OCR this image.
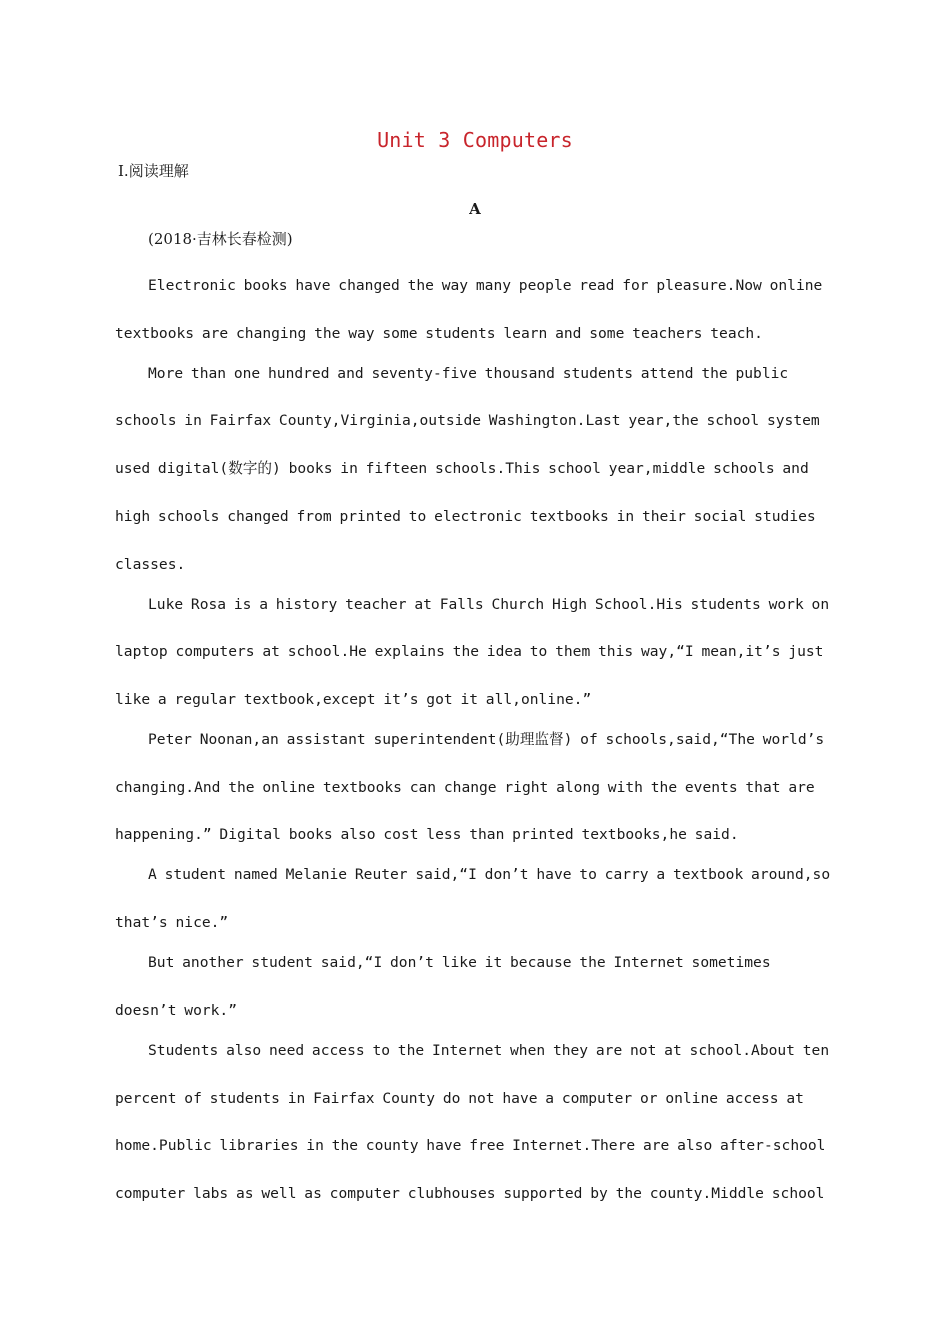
Unit 3 Computers
Ⅰ.阅读理解
A
(2018·吉林长春检测)

Electronic books have changed the way many people read for pleasure.Now online textbooks are changing the way some students learn and some teachers teach.

More than one hundred and seventy-five thousand students attend the public schools in Fairfax County,Virginia,outside Washington.Last year,the school system used digital(数字的) books in fifteen schools.This school year,middle schools and high schools changed from printed to electronic textbooks in their social studies classes.

Luke Rosa is a history teacher at Falls Church High School.His students work on laptop computers at school.He explains the idea to them this way,“I mean,it’s just like a regular textbook,except it’s got it all,online.”

Peter Noonan,an assistant superintendent(助理监督) of schools,said,“The world’s changing.And the online textbooks can change right along with the events that are happening.” Digital books also cost less than printed textbooks,he said.

A student named Melanie Reuter said,“I don’t have to carry a textbook around,so that’s nice.”

But another student said,“I don’t like it because the Internet sometimes doesn’t work.”

Students also need access to the Internet when they are not at school.About ten percent of students in Fairfax County do not have a computer or online access at home.Public libraries in the county have free Internet.There are also after-school computer labs as well as computer clubhouses supported by the county.Middle school
